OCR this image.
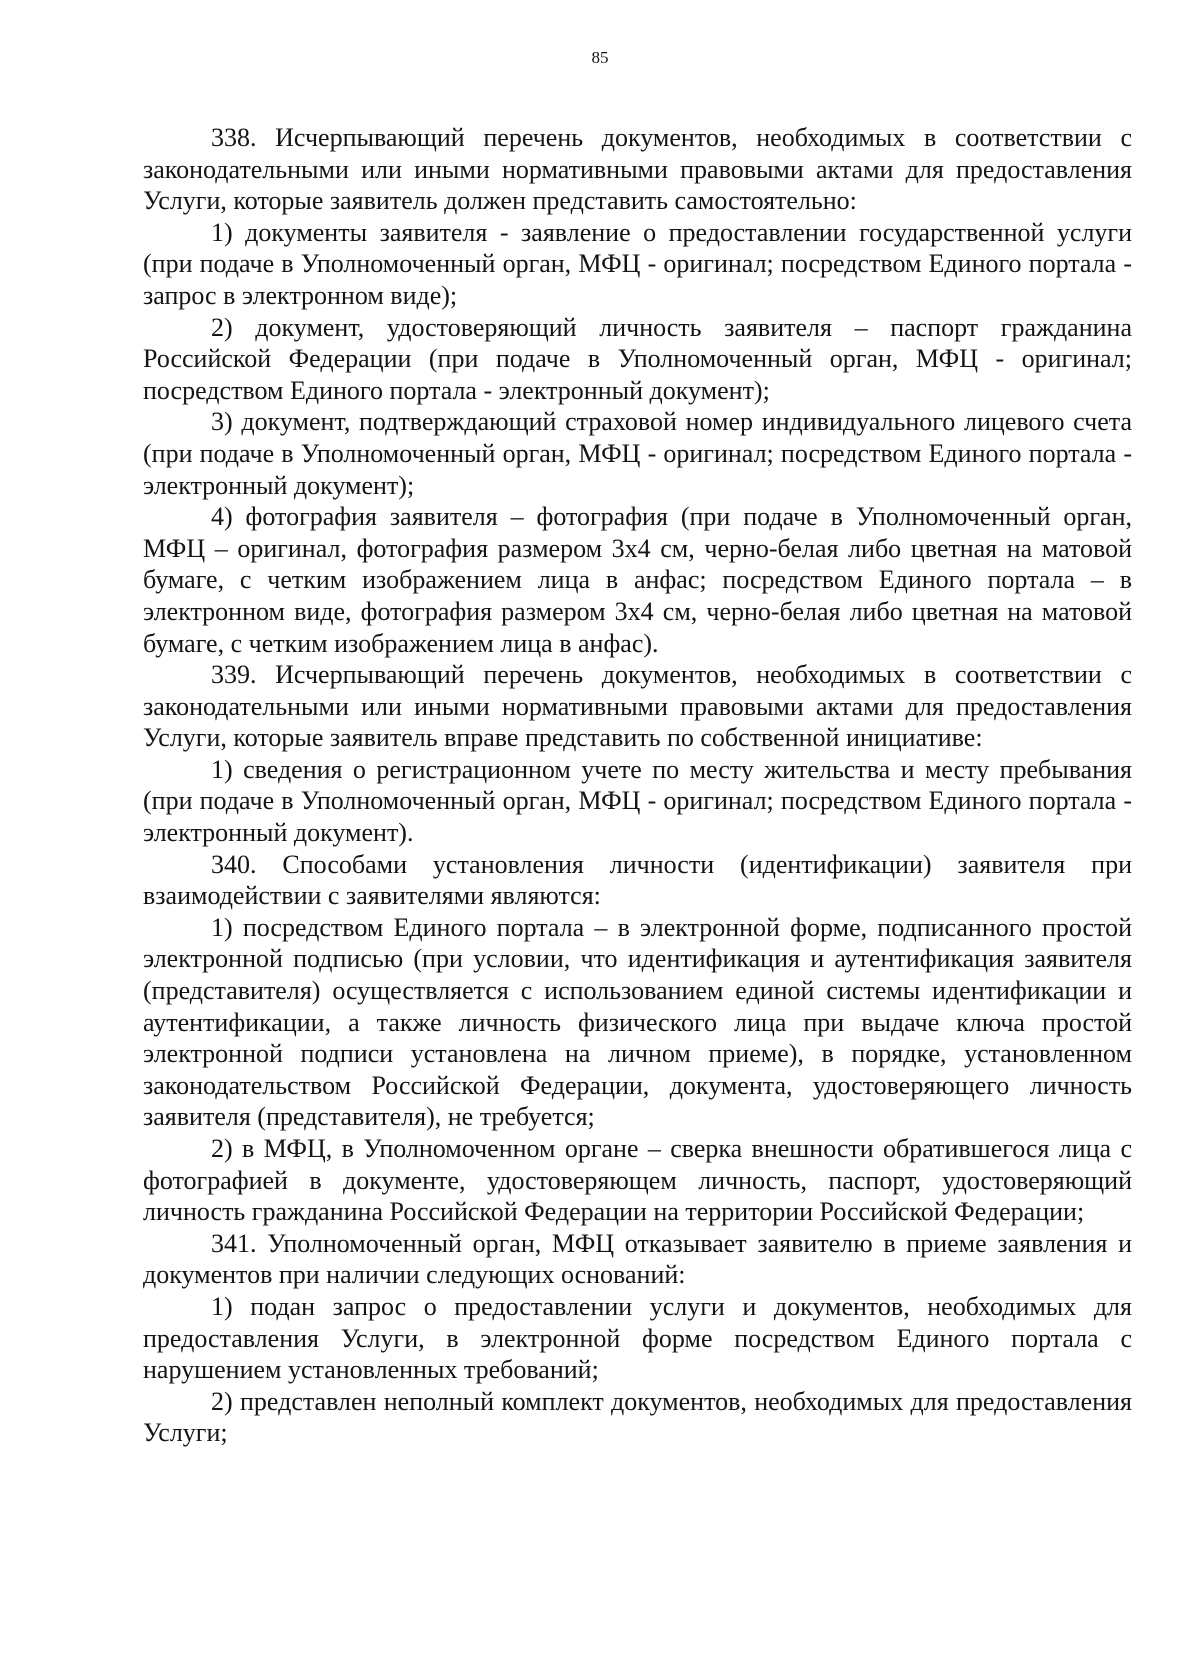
85

338. Исчерпывающий перечень документов, необходимых в соответствии с законодательными или иными нормативными правовыми актами для предоставления Услуги, которые заявитель должен представить самостоятельно:

1) документы заявителя - заявление о предоставлении государственной услуги (при подаче в Уполномоченный орган, МФЦ - оригинал; посредством Единого портала - запрос в электронном виде);

2) документ, удостоверяющий личность заявителя – паспорт гражданина Российской Федерации (при подаче в Уполномоченный орган, МФЦ - оригинал; посредством Единого портала - электронный документ);

3) документ, подтверждающий страховой номер индивидуального лицевого счета (при подаче в Уполномоченный орган, МФЦ - оригинал; посредством Единого портала - электронный документ);

4) фотография заявителя – фотография (при подаче в Уполномоченный орган, МФЦ – оригинал, фотография размером 3x4 см, черно-белая либо цветная на матовой бумаге, с четким изображением лица в анфас; посредством Единого портала – в электронном виде, фотография размером 3x4 см, черно-белая либо цветная на матовой бумаге, с четким изображением лица в анфас).

339. Исчерпывающий перечень документов, необходимых в соответствии с законодательными или иными нормативными правовыми актами для предоставления Услуги, которые заявитель вправе представить по собственной инициативе:

1) сведения о регистрационном учете по месту жительства и месту пребывания (при подаче в Уполномоченный орган, МФЦ - оригинал; посредством Единого портала - электронный документ).

340. Способами установления личности (идентификации) заявителя при взаимодействии с заявителями являются:

1) посредством Единого портала – в электронной форме, подписанного простой электронной подписью (при условии, что идентификация и аутентификация заявителя (представителя) осуществляется с использованием единой системы идентификации и аутентификации, а также личность физического лица при выдаче ключа простой электронной подписи установлена на личном приеме), в порядке, установленном законодательством Российской Федерации, документа, удостоверяющего личность заявителя (представителя), не требуется;

2) в МФЦ, в Уполномоченном органе – сверка внешности обратившегося лица с фотографией в документе, удостоверяющем личность, паспорт, удостоверяющий личность гражданина Российской Федерации на территории Российской Федерации;

341. Уполномоченный орган, МФЦ отказывает заявителю в приеме заявления и документов при наличии следующих оснований:

1) подан запрос о предоставлении услуги и документов, необходимых для предоставления Услуги, в электронной форме посредством Единого портала с нарушением установленных требований;

2) представлен неполный комплект документов, необходимых для предоставления Услуги;
